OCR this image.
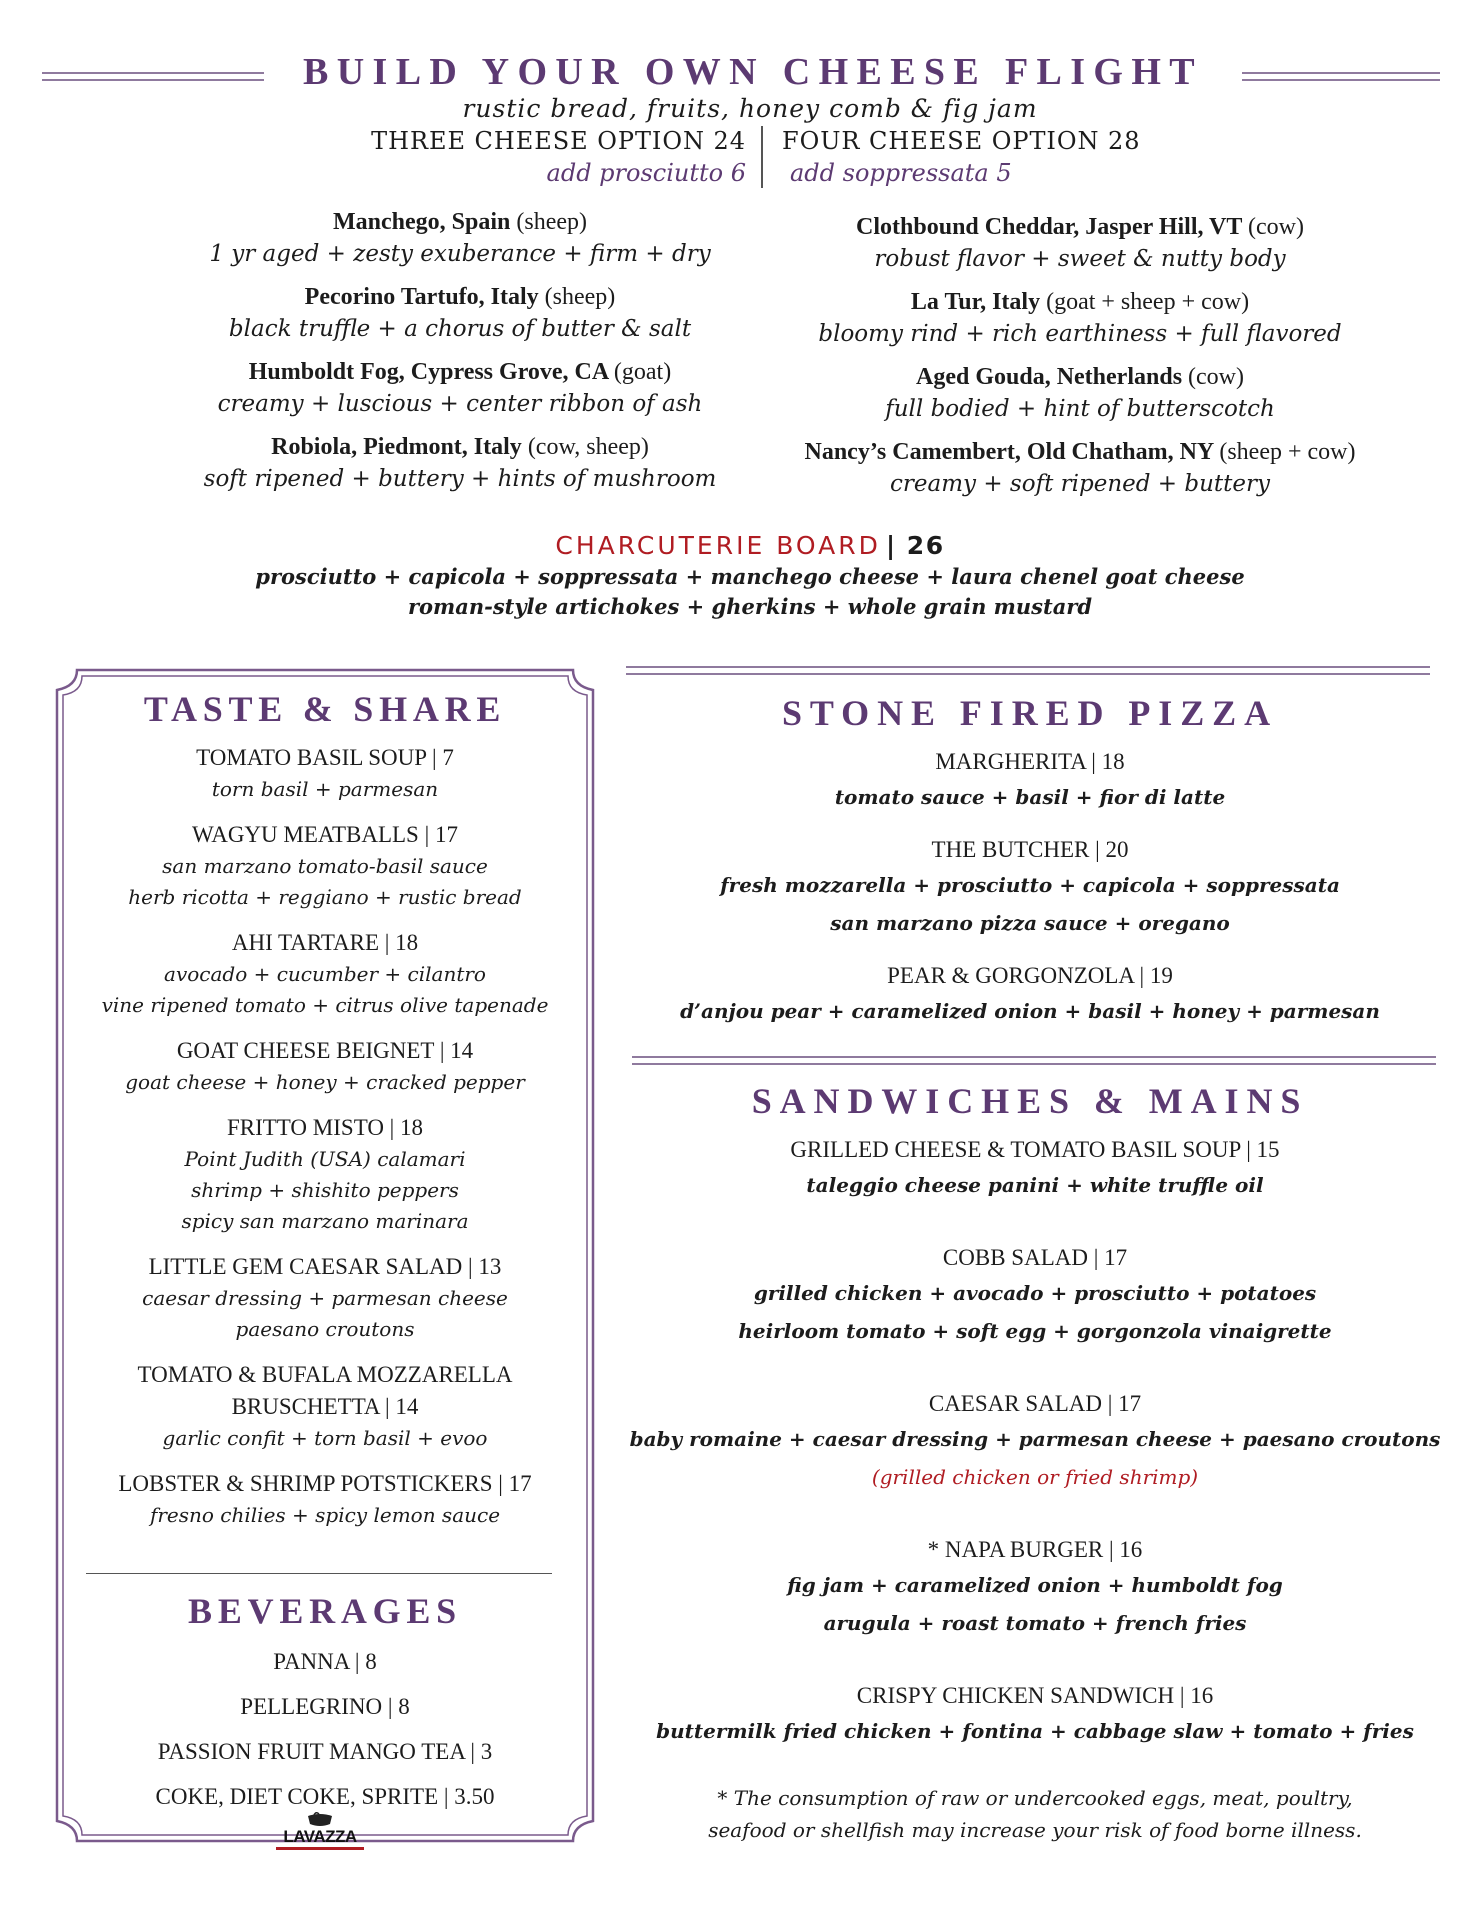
BUILD YOUR OWN CHEESE FLIGHT
rustic bread, fruits, honey comb & fig jam
THREE CHEESE OPTION 24
add prosciutto 6
FOUR CHEESE OPTION 28
add soppressata 5
Manchego, Spain (sheep)
1 yr aged + zesty exuberance + firm + dry
Pecorino Tartufo, Italy (sheep)
black truffle + a chorus of butter & salt
Humboldt Fog, Cypress Grove, CA (goat)
creamy + luscious + center ribbon of ash
Robiola, Piedmont, Italy (cow, sheep)
soft ripened + buttery + hints of mushroom
Clothbound Cheddar, Jasper Hill, VT (cow)
robust flavor + sweet & nutty body
La Tur, Italy (goat + sheep + cow)
bloomy rind + rich earthiness + full flavored
Aged Gouda, Netherlands (cow)
full bodied + hint of butterscotch
Nancy’s Camembert, Old Chatham, NY (sheep + cow)
creamy + soft ripened + buttery
CHARCUTERIE BOARD | 26
prosciutto + capicola + soppressata + manchego cheese + laura chenel goat cheese
roman-style artichokes + gherkins + whole grain mustard
TASTE & SHARE
TOMATO BASIL SOUP | 7
torn basil + parmesan
WAGYU MEATBALLS | 17
san marzano tomato-basil sauce
herb ricotta + reggiano + rustic bread
AHI TARTARE | 18
avocado + cucumber + cilantro
vine ripened tomato + citrus olive tapenade
GOAT CHEESE BEIGNET | 14
goat cheese + honey + cracked pepper
FRITTO MISTO | 18
Point Judith (USA) calamari
shrimp + shishito peppers
spicy san marzano marinara
LITTLE GEM CAESAR SALAD | 13
caesar dressing + parmesan cheese
paesano croutons
TOMATO & BUFALA MOZZARELLA BRUSCHETTA | 14
garlic confit + torn basil + evoo
LOBSTER & SHRIMP POTSTICKERS | 17
fresno chilies + spicy lemon sauce
BEVERAGES
PANNA | 8
PELLEGRINO | 8
PASSION FRUIT MANGO TEA | 3
COKE, DIET COKE, SPRITE | 3.50
LAVAZZA
STONE FIRED PIZZA
MARGHERITA | 18
tomato sauce + basil + fior di latte
THE BUTCHER | 20
fresh mozzarella + prosciutto + capicola + soppressata
san marzano pizza sauce + oregano
PEAR & GORGONZOLA | 19
d’anjou pear + caramelized onion + basil + honey + parmesan
SANDWICHES & MAINS
GRILLED CHEESE & TOMATO BASIL SOUP | 15
taleggio cheese panini + white truffle oil
COBB SALAD | 17
grilled chicken + avocado + prosciutto + potatoes
heirloom tomato + soft egg + gorgonzola vinaigrette
CAESAR SALAD | 17
baby romaine + caesar dressing + parmesan cheese + paesano croutons
(grilled chicken or fried shrimp)
* NAPA BURGER | 16
fig jam + caramelized onion + humboldt fog
arugula + roast tomato + french fries
CRISPY CHICKEN SANDWICH | 16
buttermilk fried chicken + fontina + cabbage slaw + tomato + fries
* The consumption of raw or undercooked eggs, meat, poultry,
seafood or shellfish may increase your risk of food borne illness.
